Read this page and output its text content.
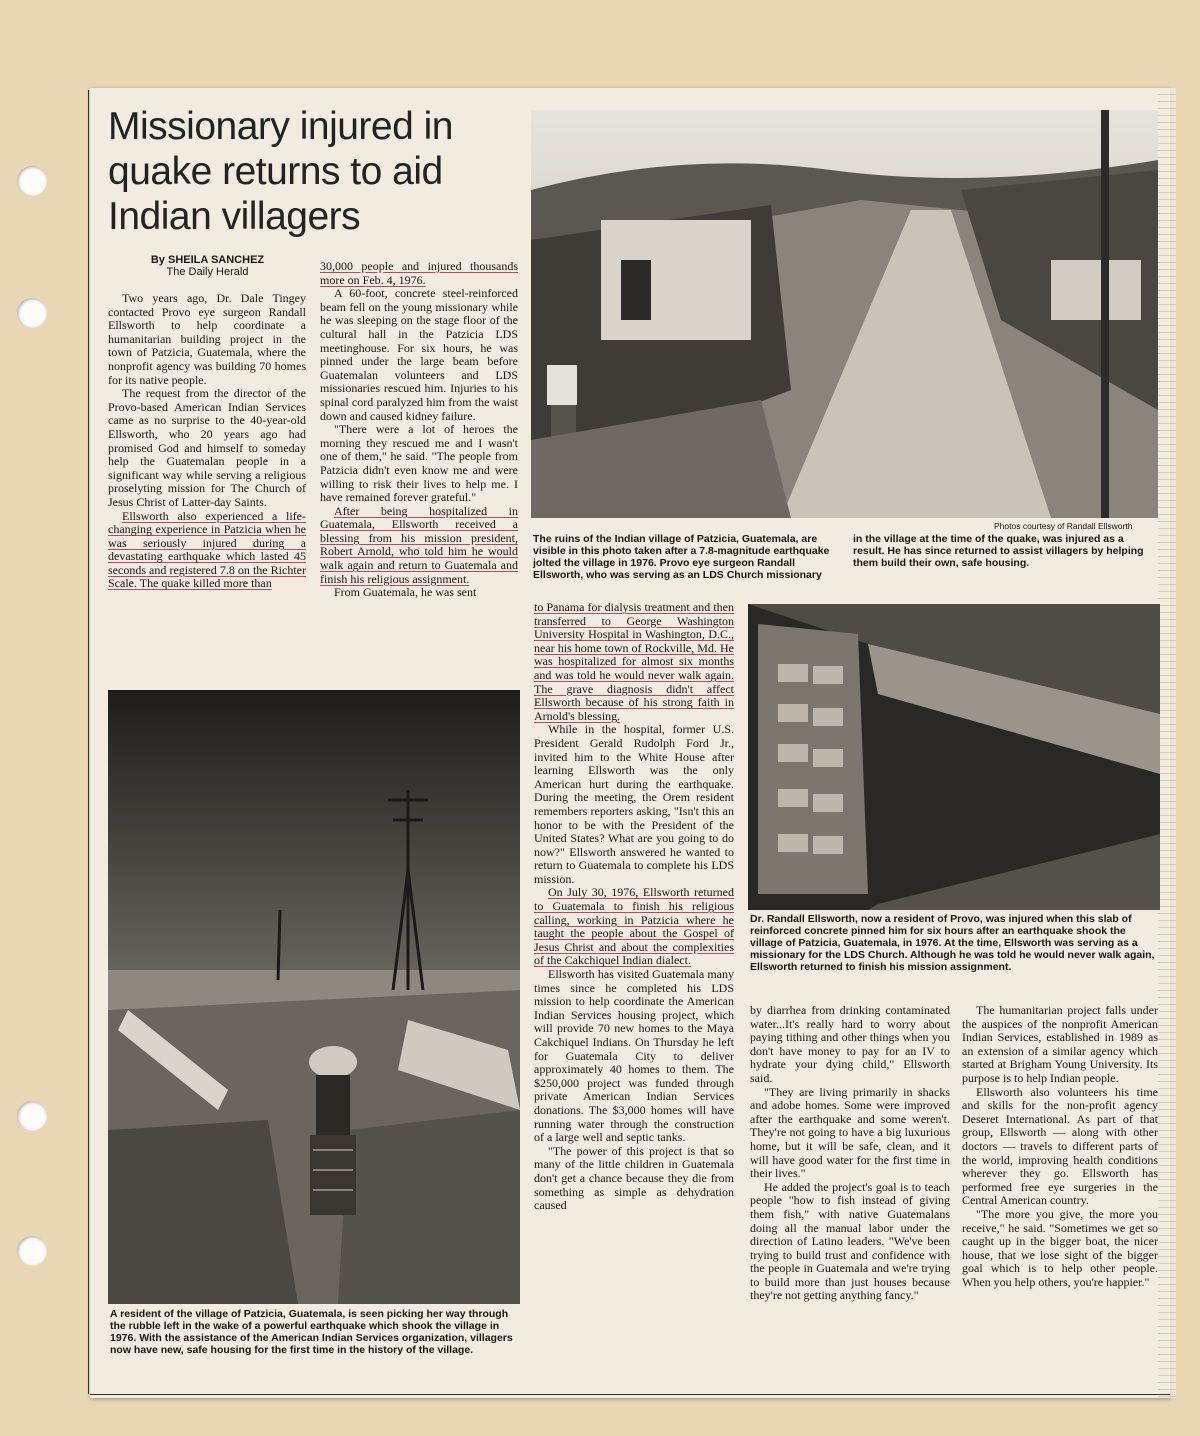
Missionary injured in quake returns to aid Indian villagers
By SHEILA SANCHEZ
The Daily Herald

Two years ago, Dr. Dale Tingey contacted Provo eye surgeon Randall Ellsworth to help coordinate a humanitarian building project in the town of Patzicia, Guatemala, where the nonprofit agency was building 70 homes for its native people.

The request from the director of the Provo-based American Indian Services came as no surprise to the 40-year-old Ellsworth, who 20 years ago had promised God and himself to someday help the Guatemalan people in a significant way while serving a religious proselyting mission for The Church of Jesus Christ of Latter-day Saints.

Ellsworth also experienced a life-changing experience in Patzicia when he was seriously injured during a devastating earthquake which lasted 45 seconds and registered 7.8 on the Richter Scale. The quake killed more than

30,000 people and injured thousands more on Feb. 4, 1976.

A 60-foot, concrete steel-reinforced beam fell on the young missionary while he was sleeping on the stage floor of the cultural hall in the Patzicia LDS meetinghouse. For six hours, he was pinned under the large beam before Guatemalan volunteers and LDS missionaries rescued him. Injuries to his spinal cord paralyzed him from the waist down and caused kidney failure.

"There were a lot of heroes the morning they rescued me and I wasn't one of them," he said. "The people from Patzicia didn't even know me and were willing to risk their lives to help me. I have remained forever grateful."

After being hospitalized in Guatemala, Ellsworth received a blessing from his mission president, Robert Arnold, who told him he would walk again and return to Guatemala and finish his religious assignment.

From Guatemala, he was sent

Photos courtesy of Randall Ellsworth
The ruins of the Indian village of Patzicia, Guatemala, are visible in this photo taken after a 7.8-magnitude earthquake jolted the village in 1976. Provo eye surgeon Randall Ellsworth, who was serving as an LDS Church missionary in the village at the time of the quake, was injured as a result. He has since returned to assist villagers by helping them build their own, safe housing.

to Panama for dialysis treatment and then transferred to George Washington University Hospital in Washington, D.C., near his home town of Rockville, Md. He was hospitalized for almost six months and was told he would never walk again. The grave diagnosis didn't affect Ellsworth because of his strong faith in Arnold's blessing.

While in the hospital, former U.S. President Gerald Rudolph Ford Jr., invited him to the White House after learning Ellsworth was the only American hurt during the earthquake. During the meeting, the Orem resident remembers reporters asking, "Isn't this an honor to be with the President of the United States? What are you going to do now?" Ellsworth answered he wanted to return to Guatemala to complete his LDS mission.

On July 30, 1976, Ellsworth returned to Guatemala to finish his religious calling, working in Patzicia where he taught the people about the Gospel of Jesus Christ and about the complexities of the Cakchiquel Indian dialect.

Ellsworth has visited Guatemala many times since he completed his LDS mission to help coordinate the American Indian Services housing project, which will provide 70 new homes to the Maya Cakchiquel Indians. On Thursday he left for Guatemala City to deliver approximately 40 homes to them. The $250,000 project was funded through private American Indian Services donations. The $3,000 homes will have running water through the construction of a large well and septic tanks.

"The power of this project is that so many of the little children in Guatemala don't get a chance because they die from something as simple as dehydration caused

Dr. Randall Ellsworth, now a resident of Provo, was injured when this slab of reinforced concrete pinned him for six hours after an earthquake shook the village of Patzicia, Guatemala, in 1976. At the time, Ellsworth was serving as a missionary for the LDS Church. Although he was told he would never walk again, Ellsworth returned to finish his mission assignment.

by diarrhea from drinking contaminated water...It's really hard to worry about paying tithing and other things when you don't have money to pay for an IV to hydrate your dying child," Ellsworth said.

"They are living primarily in shacks and adobe homes. Some were improved after the earthquake and some weren't. They're not going to have a big luxurious home, but it will be safe, clean, and it will have good water for the first time in their lives."

He added the project's goal is to teach people "how to fish instead of giving them fish," with native Guatemalans doing all the manual labor under the direction of Latino leaders. "We've been trying to build trust and confidence with the people in Guatemala and we're trying to build more than just houses because they're not getting anything fancy."

The humanitarian project falls under the auspices of the nonprofit American Indian Services, established in 1989 as an extension of a similar agency which started at Brigham Young University. Its purpose is to help Indian people.

Ellsworth also volunteers his time and skills for the non-profit agency Deseret International. As part of that group, Ellsworth — along with other doctors — travels to different parts of the world, improving health conditions wherever they go. Ellsworth has performed free eye surgeries in the Central American country.

"The more you give, the more you receive," he said. "Sometimes we get so caught up in the bigger boat, the nicer house, that we lose sight of the bigger goal which is to help other people. When you help others, you're happier."

A resident of the village of Patzicia, Guatemala, is seen picking her way through the rubble left in the wake of a powerful earthquake which shook the village in 1976. With the assistance of the American Indian Services organization, villagers now have new, safe housing for the first time in the history of the village.
